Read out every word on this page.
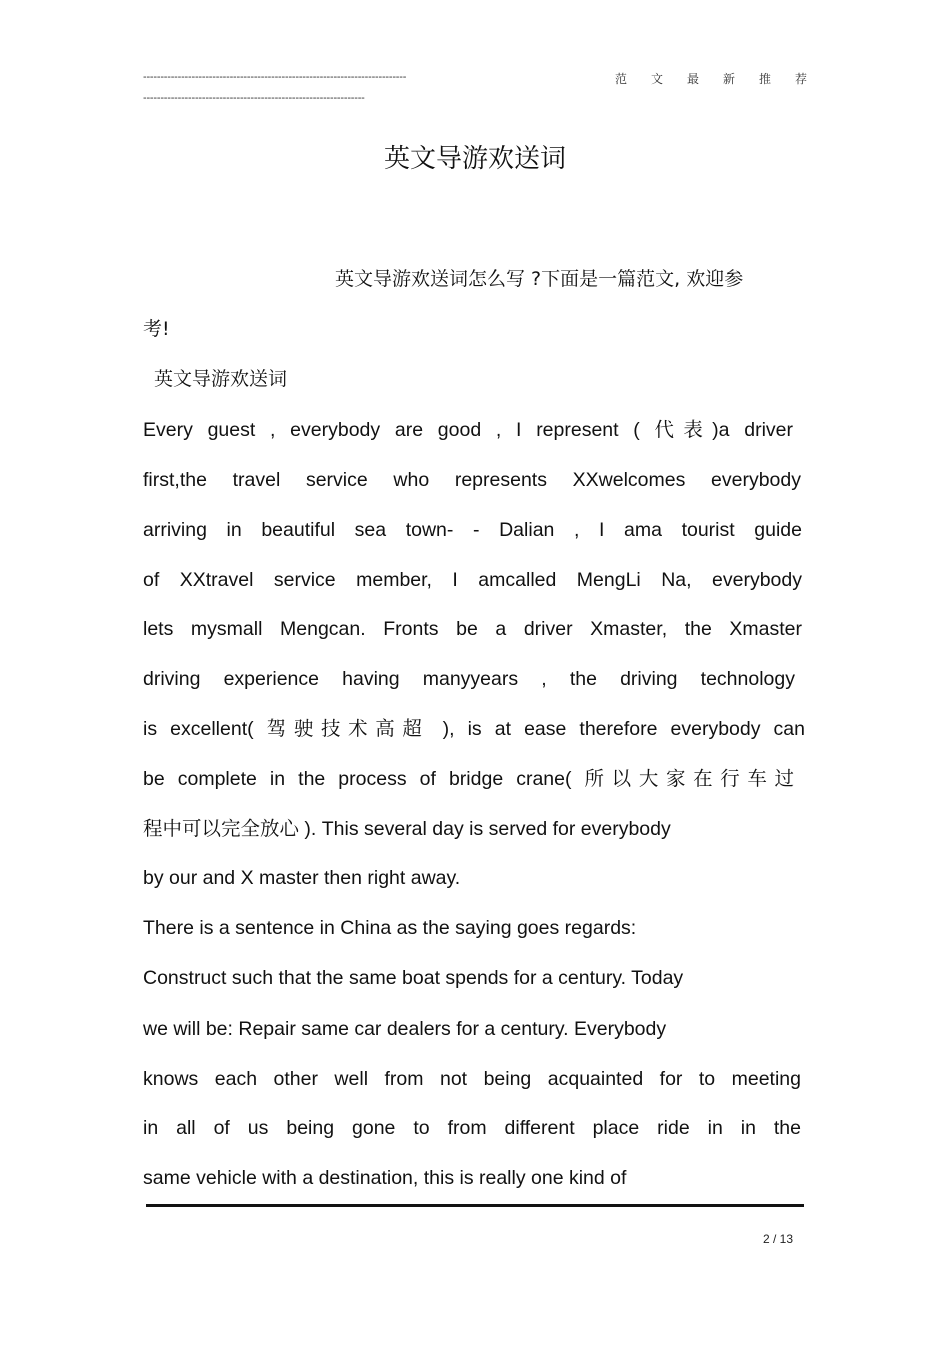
----------------------------------------------------------------------------
----------------------------------------------------------------
范文最新推荐
英文导游欢送词
英文导游欢送词怎么写 ?下面是一篇范文, 欢迎参
考!
英文导游欢送词
Every guest , everybody are good , I represent ( 代表)a driver
first,the travel service who represents XXwelcomes everybody
arriving in beautiful sea town- - Dalian , I ama tourist guide
of XXtravel service member, I amcalled MengLi Na, everybody
lets mysmall Mengcan. Fronts be a driver Xmaster, the Xmaster
driving experience having manyyears , the driving technology
is excellent( 驾驶技术高超 ), is at ease therefore everybody can
be complete in the process of bridge crane( 所以大家在行车过
程中可以完全放心 ). This several day is served for everybody
by our and X master then right away.
There is a sentence in China as the saying goes regards:
Construct such that the same boat spends for a century. Today
we will be: Repair same car dealers for a century. Everybody
knows each other well from not being acquainted for to meeting
in all of us being gone to from different place ride in in the
same vehicle with a destination, this is really one kind of
2 / 13
